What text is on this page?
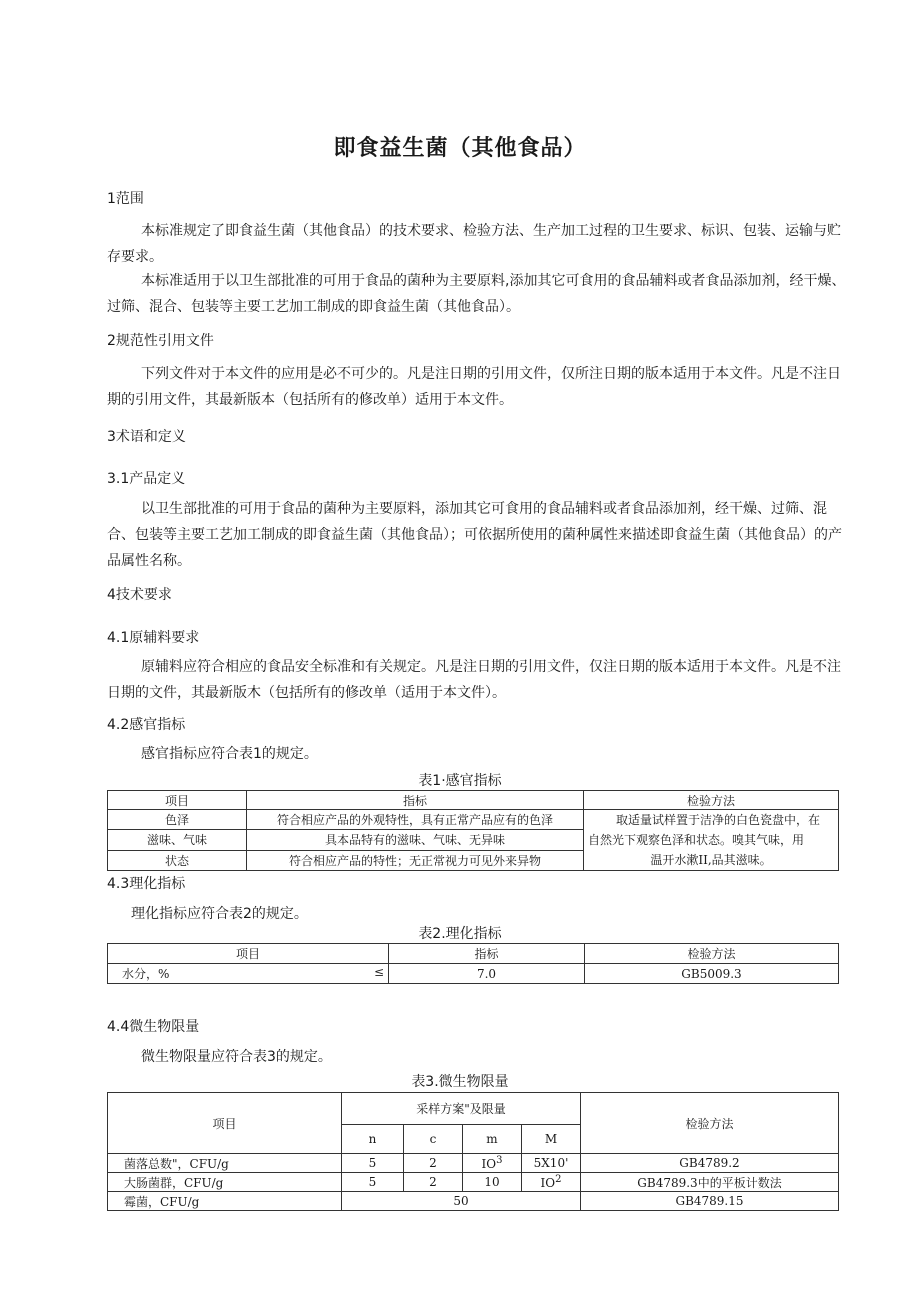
即食益生菌（其他食品）
1范围
本标准规定了即食益生菌（其他食品）的技术要求、检验方法、生产加工过程的卫生要求、标识、包装、运输与贮存要求。
本标准适用于以卫生部批准的可用于食品的菌种为主要原料,添加其它可食用的食品辅料或者食品添加剂，经干燥、过筛、混合、包装等主要工艺加工制成的即食益生菌（其他食品）。
2规范性引用文件
下列文件对于本文件的应用是必不可少的。凡是注日期的引用文件，仅所注日期的版本适用于本文件。凡是不注日期的引用文件，其最新版本（包括所有的修改单）适用于本文件。
3术语和定义
3.1产品定义
以卫生部批准的可用于食品的菌种为主要原料，添加其它可食用的食品辅料或者食品添加剂，经干燥、过筛、混合、包装等主要工艺加工制成的即食益生菌（其他食品）；可依据所使用的菌种属性来描述即食益生菌（其他食品）的产品属性名称。
4技术要求
4.1原辅料要求
原辅料应符合相应的食品安全标准和有关规定。凡是注日期的引用文件，仅注日期的版本适用于本文件。凡是不注日期的文件，其最新版木（包括所有的修改单（适用于本文件）。
4.2感官指标
感官指标应符合表1的规定。
表1·感官指标
项目	指标	检验方法
色泽	符合相应产品的外观特性，具有正常产品应有的色泽	取适量试样置于洁净的白色瓷盘中，在
自然光下观察色泽和状态。嗅其气味，用
温开水漱II,品其滋味。

滋味、气味	具本品特有的滋味、气味、无异味	
状态	符合相应产品的特性；无正常视力可见外来异物	
4.3理化指标
理化指标应符合表2的规定。
表2.理化指标
项目	指标	检验方法
水分，% ≤	7.0	GB5009.3
4.4微生物限量
微生物限量应符合表3的规定。
表3.微生物限量
项目	采样方案"及限量				检验方法
	n	c	m	M	
菌落总数"，CFU/g	5	2	$IO^3$	5X10'	GB4789.2
大肠菌群，CFU/g	5	2	10	$IO^2$	GB4789.3中的平板计数法
霉菌，CFU/g	50				GB4789.15
